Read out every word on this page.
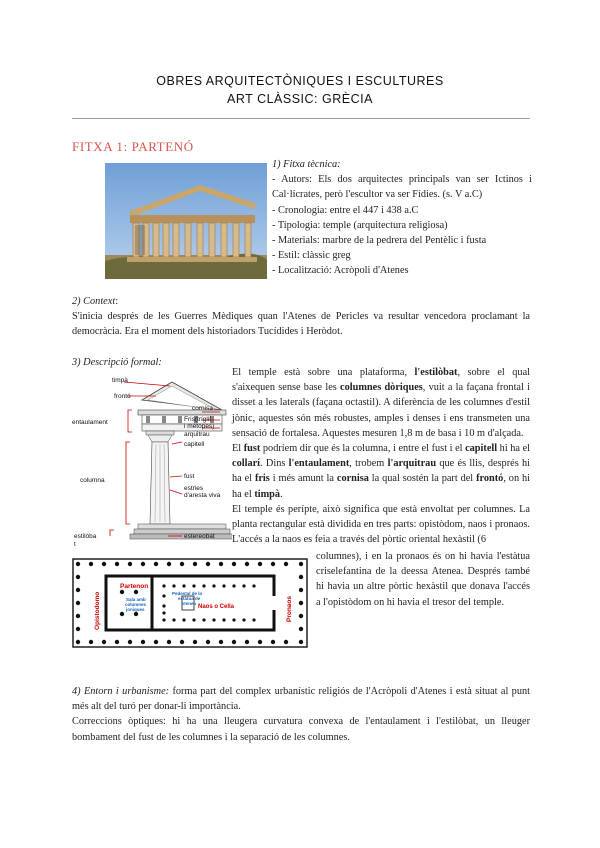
OBRES ARQUITECTÒNIQUES I ESCULTURES
ART CLÀSSIC: GRÈCIA
FITXA 1: PARTENÓ
1) Fitxa tècnica:
- Autors: Els dos arquitectes principals van ser Ictinos i
Cal·lícrates, però l'escultor va ser Fídies. (s. V a.C)
- Cronologia: entre el 447 i 438 a.C
- Tipologia: temple (arquitectura religiosa)
- Materials: marbre de la pedrera del Pentèlic i fusta
- Estil: clàssic greg
- Localització: Acròpoli d'Atenes
2) Context:
S'inicia després de les Guerres Mèdiques quan l'Atenes de Pericles va resultar vencedora proclamant la democràcia. Era el moment dels historiadors Tucídides i Heròdot.
3) Descripció formal:
timpà
frontó
cornisa
entaulament	Fris(tríglif
i mètopes)
arquitrau
capitell
fust
estries
d'aresta viva
columna
estilòba
t
estereobat
El temple està sobre una plataforma, l'estilòbat, sobre el qual s'aixequen sense base les columnes dòriques, vuit a la façana frontal i disset a les laterals (façana octastil). A diferència de les columnes d'estil jònic, aquestes són més robustes, amples i denses i ens transmeten una sensació de fortalesa. Aquestes mesuren 1,8 m de basa i 10 m d'alçada.
El fust podríem dir que és la columna, i entre el fust i el capitell hi ha el collarí. Dins l'entaulament, trobem l'arquitrau que és llis, després hi ha el fris i més amunt la cornisa la qual sostén la part del frontó, on hi ha el timpà.
El temple és perípte, això significa que està envoltat per columnes. La planta rectangular està dividida en tres parts: opistòdom, naos i pronaos. L'accés a la naos es feia a través del pòrtic oriental hexàstil (6
columnes), i en la pronaos és on hi havia l'estàtua criselefantina de la deessa Atenea. Després també hi havia un altre pòrtic hexàstil que donava l'accés a l'opistòdom on hi havia el tresor del temple.
Partenon
Sala amb
columnes
joniques
Pedestal de la
estàtua de
Atenea
Naos o Cella
Opistodomo	Pronaos
4) Entorn i urbanisme: forma part del complex urbanístic religiós de l'Acròpoli d'Atenes i està situat al punt més alt del turó per donar-li importància.
Correccions òptiques: hi ha una lleugera curvatura convexa de l'entaulament i l'estilòbat, un lleuger bombament del fust de les columnes i la separació de les columnes.
